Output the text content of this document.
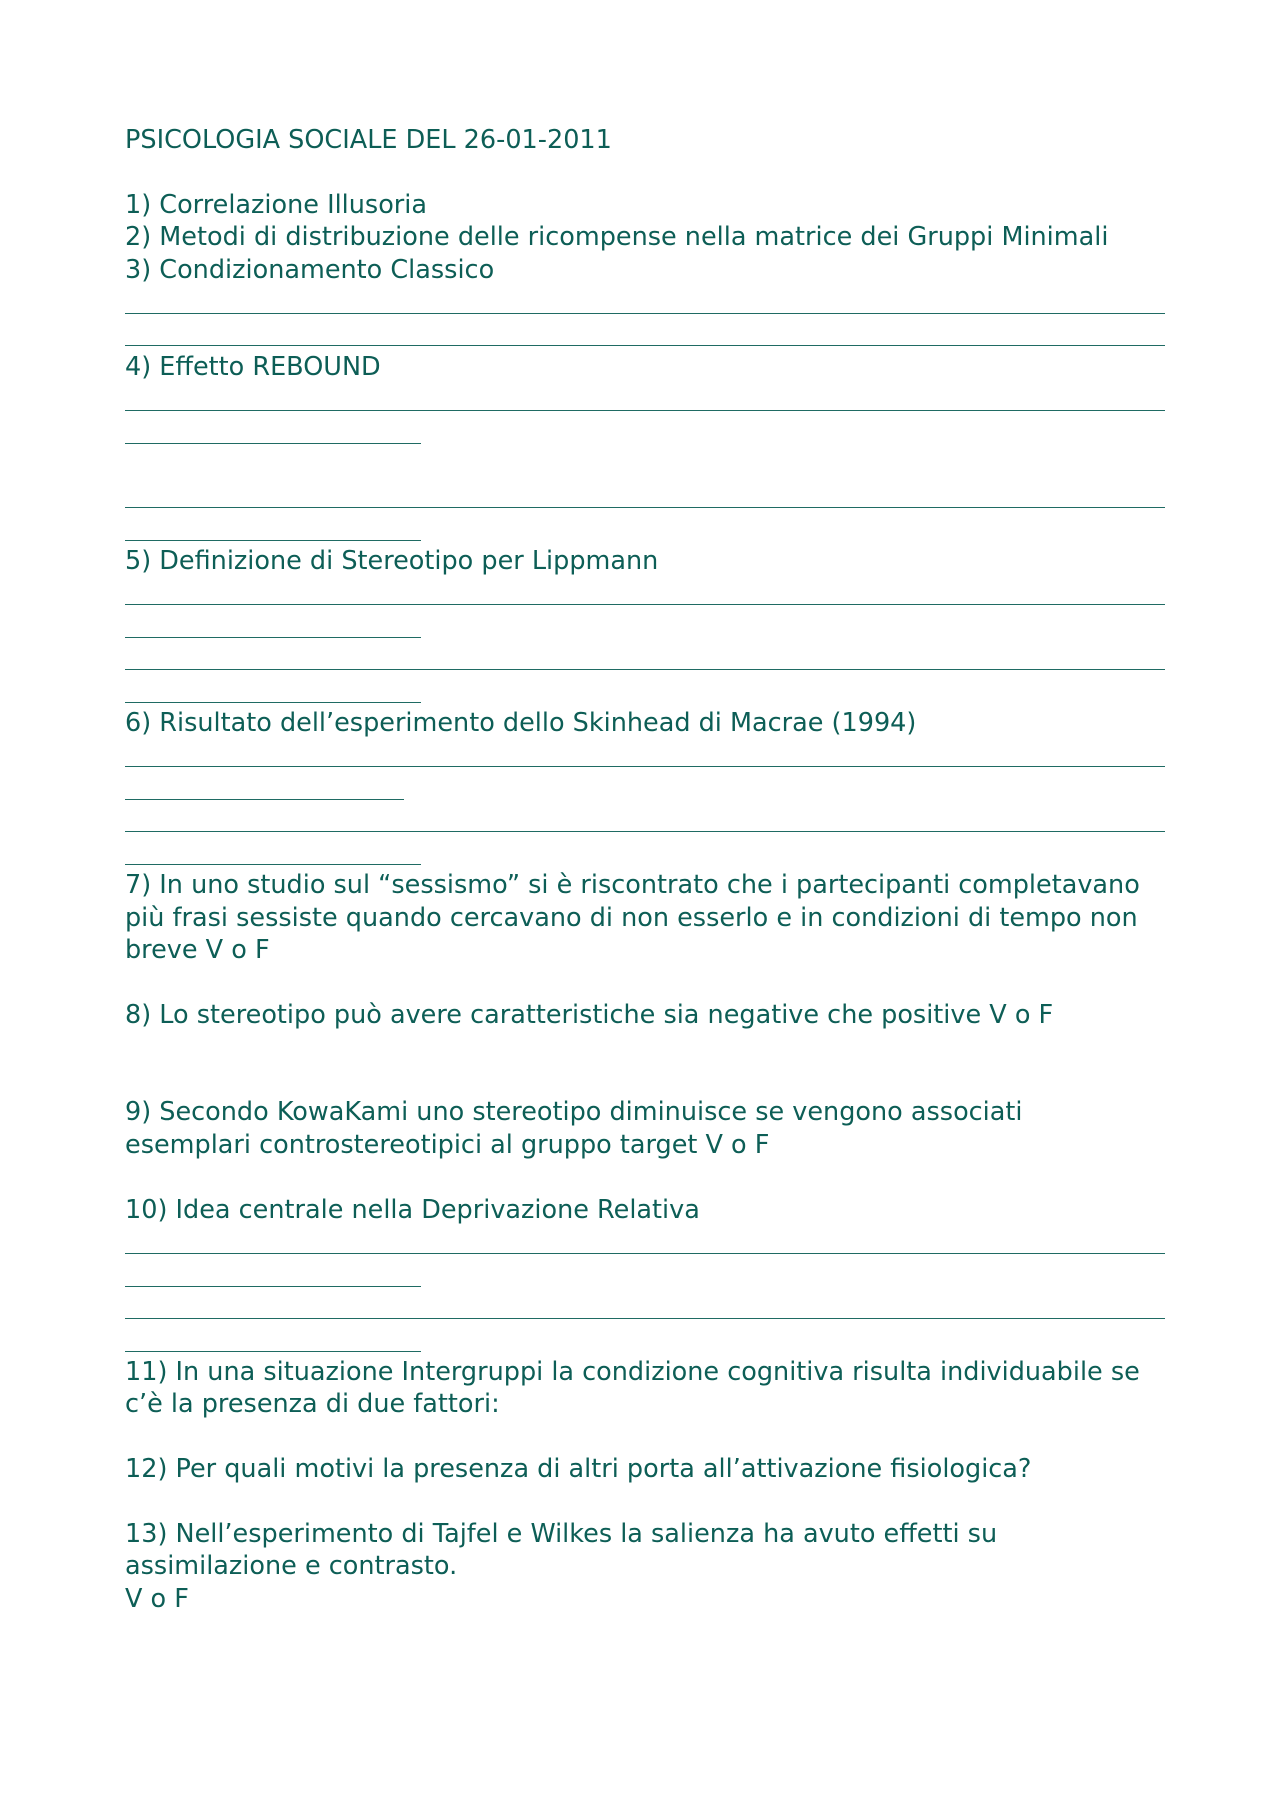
PSICOLOGIA SOCIALE DEL 26-01-2011

1) Correlazione Illusoria

2) Metodi di distribuzione delle ricompense nella matrice dei Gruppi Minimali

3) Condizionamento Classico

4) Effetto REBOUND

5) Definizione di Stereotipo per Lippmann

6) Risultato dell’esperimento dello Skinhead di Macrae (1994)

7) In uno studio sul “sessismo” si è riscontrato che i partecipanti completavano

più frasi sessiste quando cercavano di non esserlo e in condizioni di tempo non

breve V o F

8) Lo stereotipo può avere caratteristiche sia negative che positive V o F

9) Secondo KowaKami uno stereotipo diminuisce se vengono associati

esemplari controstereotipici al gruppo target V o F

10) Idea centrale nella Deprivazione Relativa

11) In una situazione Intergruppi la condizione cognitiva risulta individuabile se

c’è la presenza di due fattori:

12) Per quali motivi la presenza di altri porta all’attivazione fisiologica?

13) Nell’esperimento di Tajfel e Wilkes la salienza ha avuto effetti su

assimilazione e contrasto.

V o F
